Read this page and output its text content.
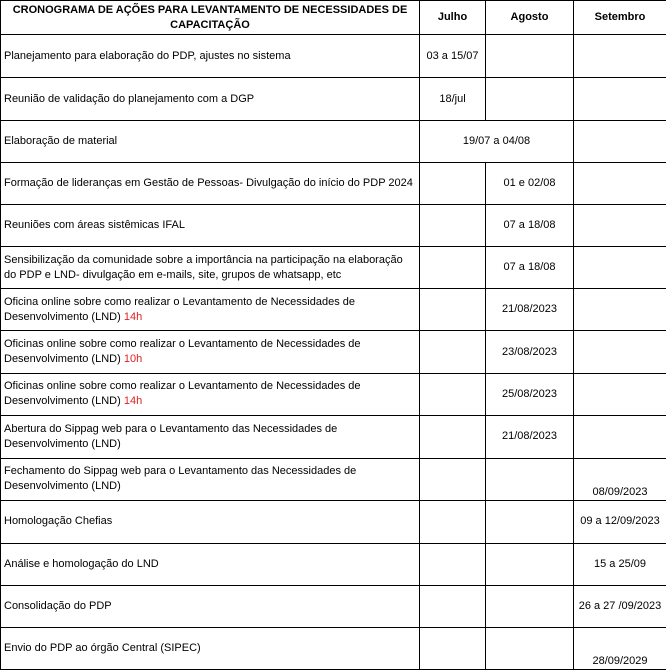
CRONOGRAMA DE AÇÕES PARA LEVANTAMENTO DE NECESSIDADES DE CAPACITAÇÃO	Julho	Agosto	Setembro
Planejamento para elaboração do PDP, ajustes no sistema	03 a 15/07		
Reunião de validação do planejamento com a DGP	18/jul		
Elaboração de material	19/07 a 04/08		
Formação de lideranças em Gestão de Pessoas- Divulgação do início do PDP 2024		01 e 02/08	
Reuniões com áreas sistêmicas IFAL		07 a 18/08	

Sensibilização da comunidade sobre a importância na participação na elaboração do PDP e LND- divulgação em e-mails, site, grupos de whatsapp, etc		07 a 18/08	
Oficina online sobre como realizar o Levantamento de Necessidades de Desenvolvimento (LND) 14h		21/08/2023	
Oficinas online sobre como realizar o Levantamento de Necessidades de Desenvolvimento (LND) 10h		23/08/2023	
Oficinas online sobre como realizar o Levantamento de Necessidades de Desenvolvimento (LND) 14h		25/08/2023	
Abertura do Sippag web para o Levantamento das Necessidades de Desenvolvimento (LND)		21/08/2023	
Fechamento do Sippag web para o Levantamento das Necessidades de Desenvolvimento (LND)			08/09/2023
Homologação Chefias			09 a 12/09/2023
Análise e homologação do LND			15 a 25/09
Consolidação do PDP			26 a 27 /09/2023
Envio do PDP ao órgão Central (SIPEC)			28/09/2029
